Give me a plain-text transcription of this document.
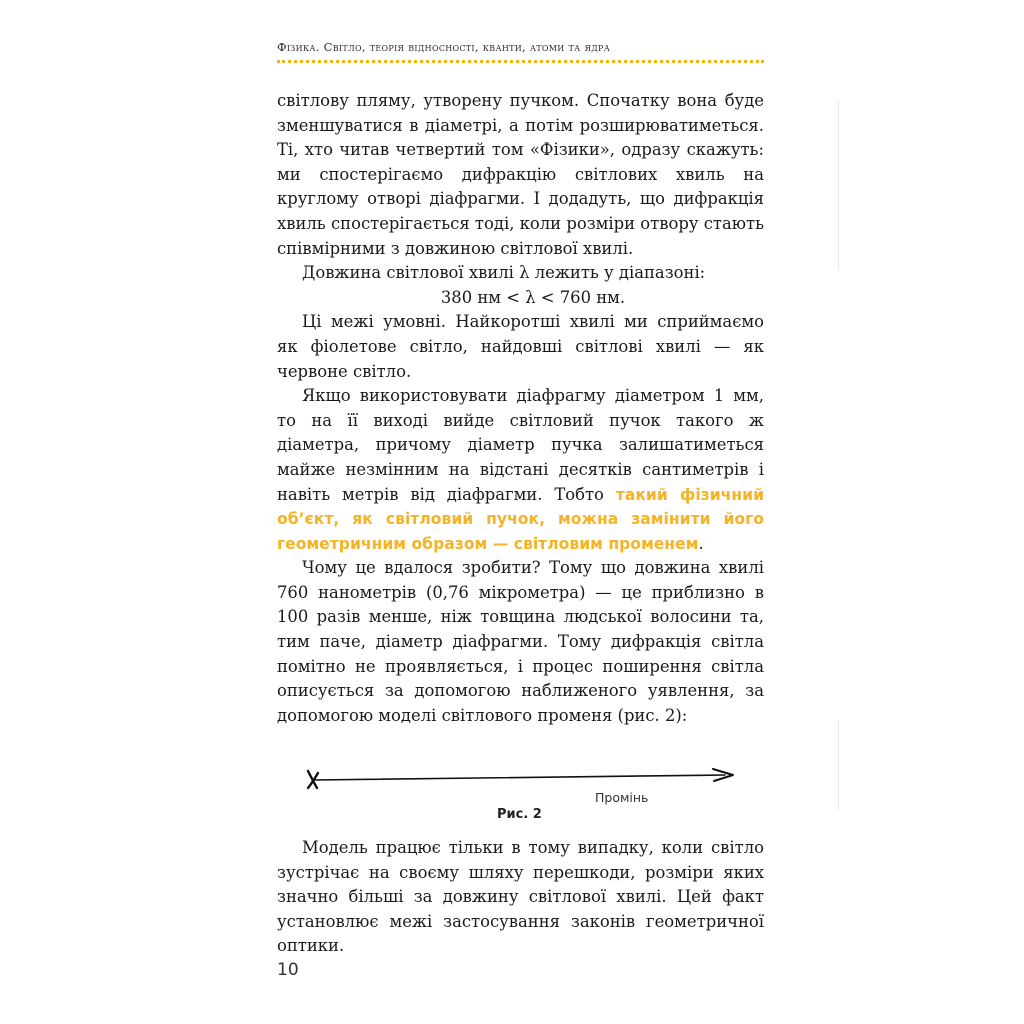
Фізика. Світло, теорія відносності, кванти, атоми та ядра

світлову пляму, утворену пучком. Спочатку вона буде зменшуватися в діаметрі, а потім розширюватиметься. Ті, хто читав четвертий том «Фізики», одразу скажуть: ми спостерігаємо дифракцію світлових хвиль на круглому отворі діафрагми. І додадуть, що дифракція хвиль спостерігається тоді, коли розміри отвору стають співмірними з довжиною світлової хвилі.

Довжина світлової хвилі λ лежить у діапазоні:

380 нм < λ < 760 нм.

Ці межі умовні. Найкоротші хвилі ми сприймаємо як фіолетове світло, найдовші світлові хвилі — як червоне світло.

Якщо використовувати діафрагму діаметром 1 мм, то на її виході вийде світловий пучок такого ж діаметра, причому діаметр пучка залишатиметься майже незмінним на відстані десятків сантиметрів і навіть метрів від діафрагми. Тобто такий фізичний об’єкт, як світловий пучок, можна замінити його геометричним образом — світловим променем.

Чому це вдалося зробити? Тому що довжина хвилі 760 нанометрів (0,76 мікрометра) — це приблизно в 100 разів менше, ніж товщина людської волосини та, тим паче, діаметр діафрагми. Тому дифракція світла помітно не проявляється, і процес поширення світла описується за допомогою наближеного уявлення, за допомогою моделі світлового променя (рис. 2):

Промінь
Рис. 2

Модель працює тільки в тому випадку, коли світло зустрічає на своєму шляху перешкоди, розміри яких значно більші за довжину світлової хвилі. Цей факт установлює межі застосування законів геометричної оптики.

10
